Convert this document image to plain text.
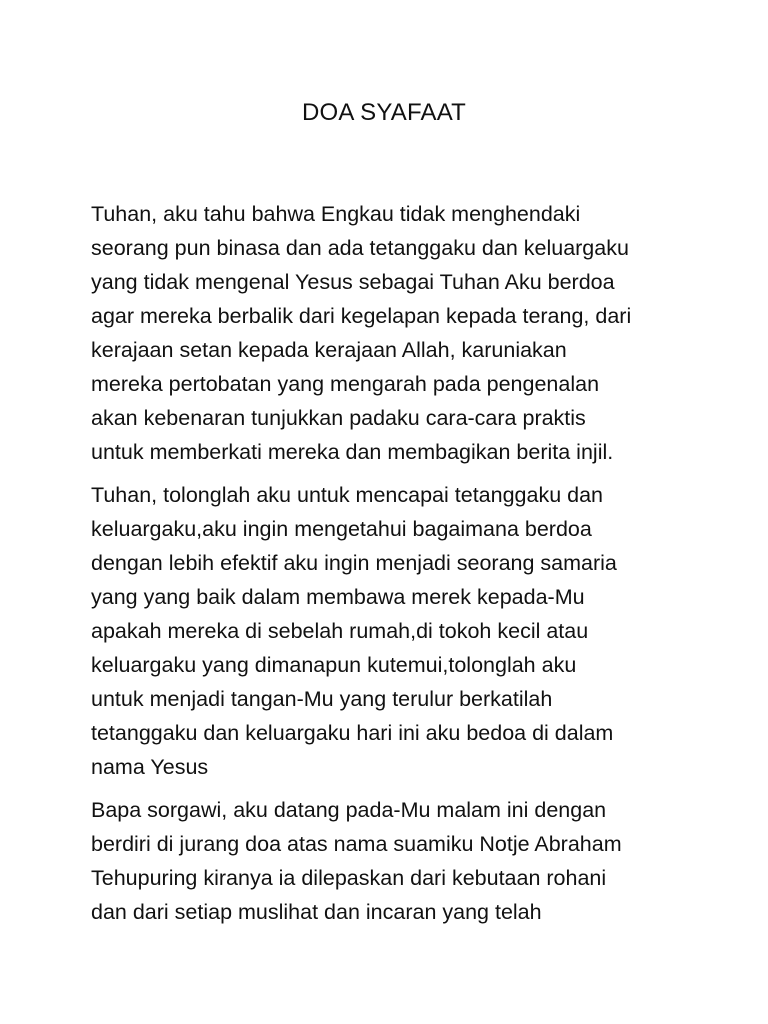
DOA SYAFAAT

Tuhan, aku tahu bahwa Engkau tidak menghendaki
seorang pun binasa dan ada tetanggaku dan keluargaku
yang tidak mengenal Yesus sebagai Tuhan Aku berdoa
agar mereka berbalik dari kegelapan kepada terang, dari
kerajaan setan kepada kerajaan Allah, karuniakan
mereka pertobatan yang mengarah pada pengenalan
akan kebenaran tunjukkan padaku cara-cara praktis
untuk memberkati mereka dan membagikan berita injil.

Tuhan, tolonglah aku untuk mencapai tetanggaku dan
keluargaku,aku ingin mengetahui bagaimana berdoa
dengan lebih efektif aku ingin menjadi seorang samaria
yang yang baik dalam membawa merek kepada-Mu
apakah mereka di sebelah rumah,di tokoh kecil atau
keluargaku yang dimanapun kutemui,tolonglah aku
untuk menjadi tangan-Mu yang terulur berkatilah
tetanggaku dan keluargaku hari ini aku bedoa di dalam
nama Yesus

Bapa sorgawi, aku datang pada-Mu malam ini dengan
berdiri di jurang doa atas nama suamiku Notje Abraham
Tehupuring kiranya ia dilepaskan dari kebutaan rohani
dan dari setiap muslihat dan incaran yang telah
